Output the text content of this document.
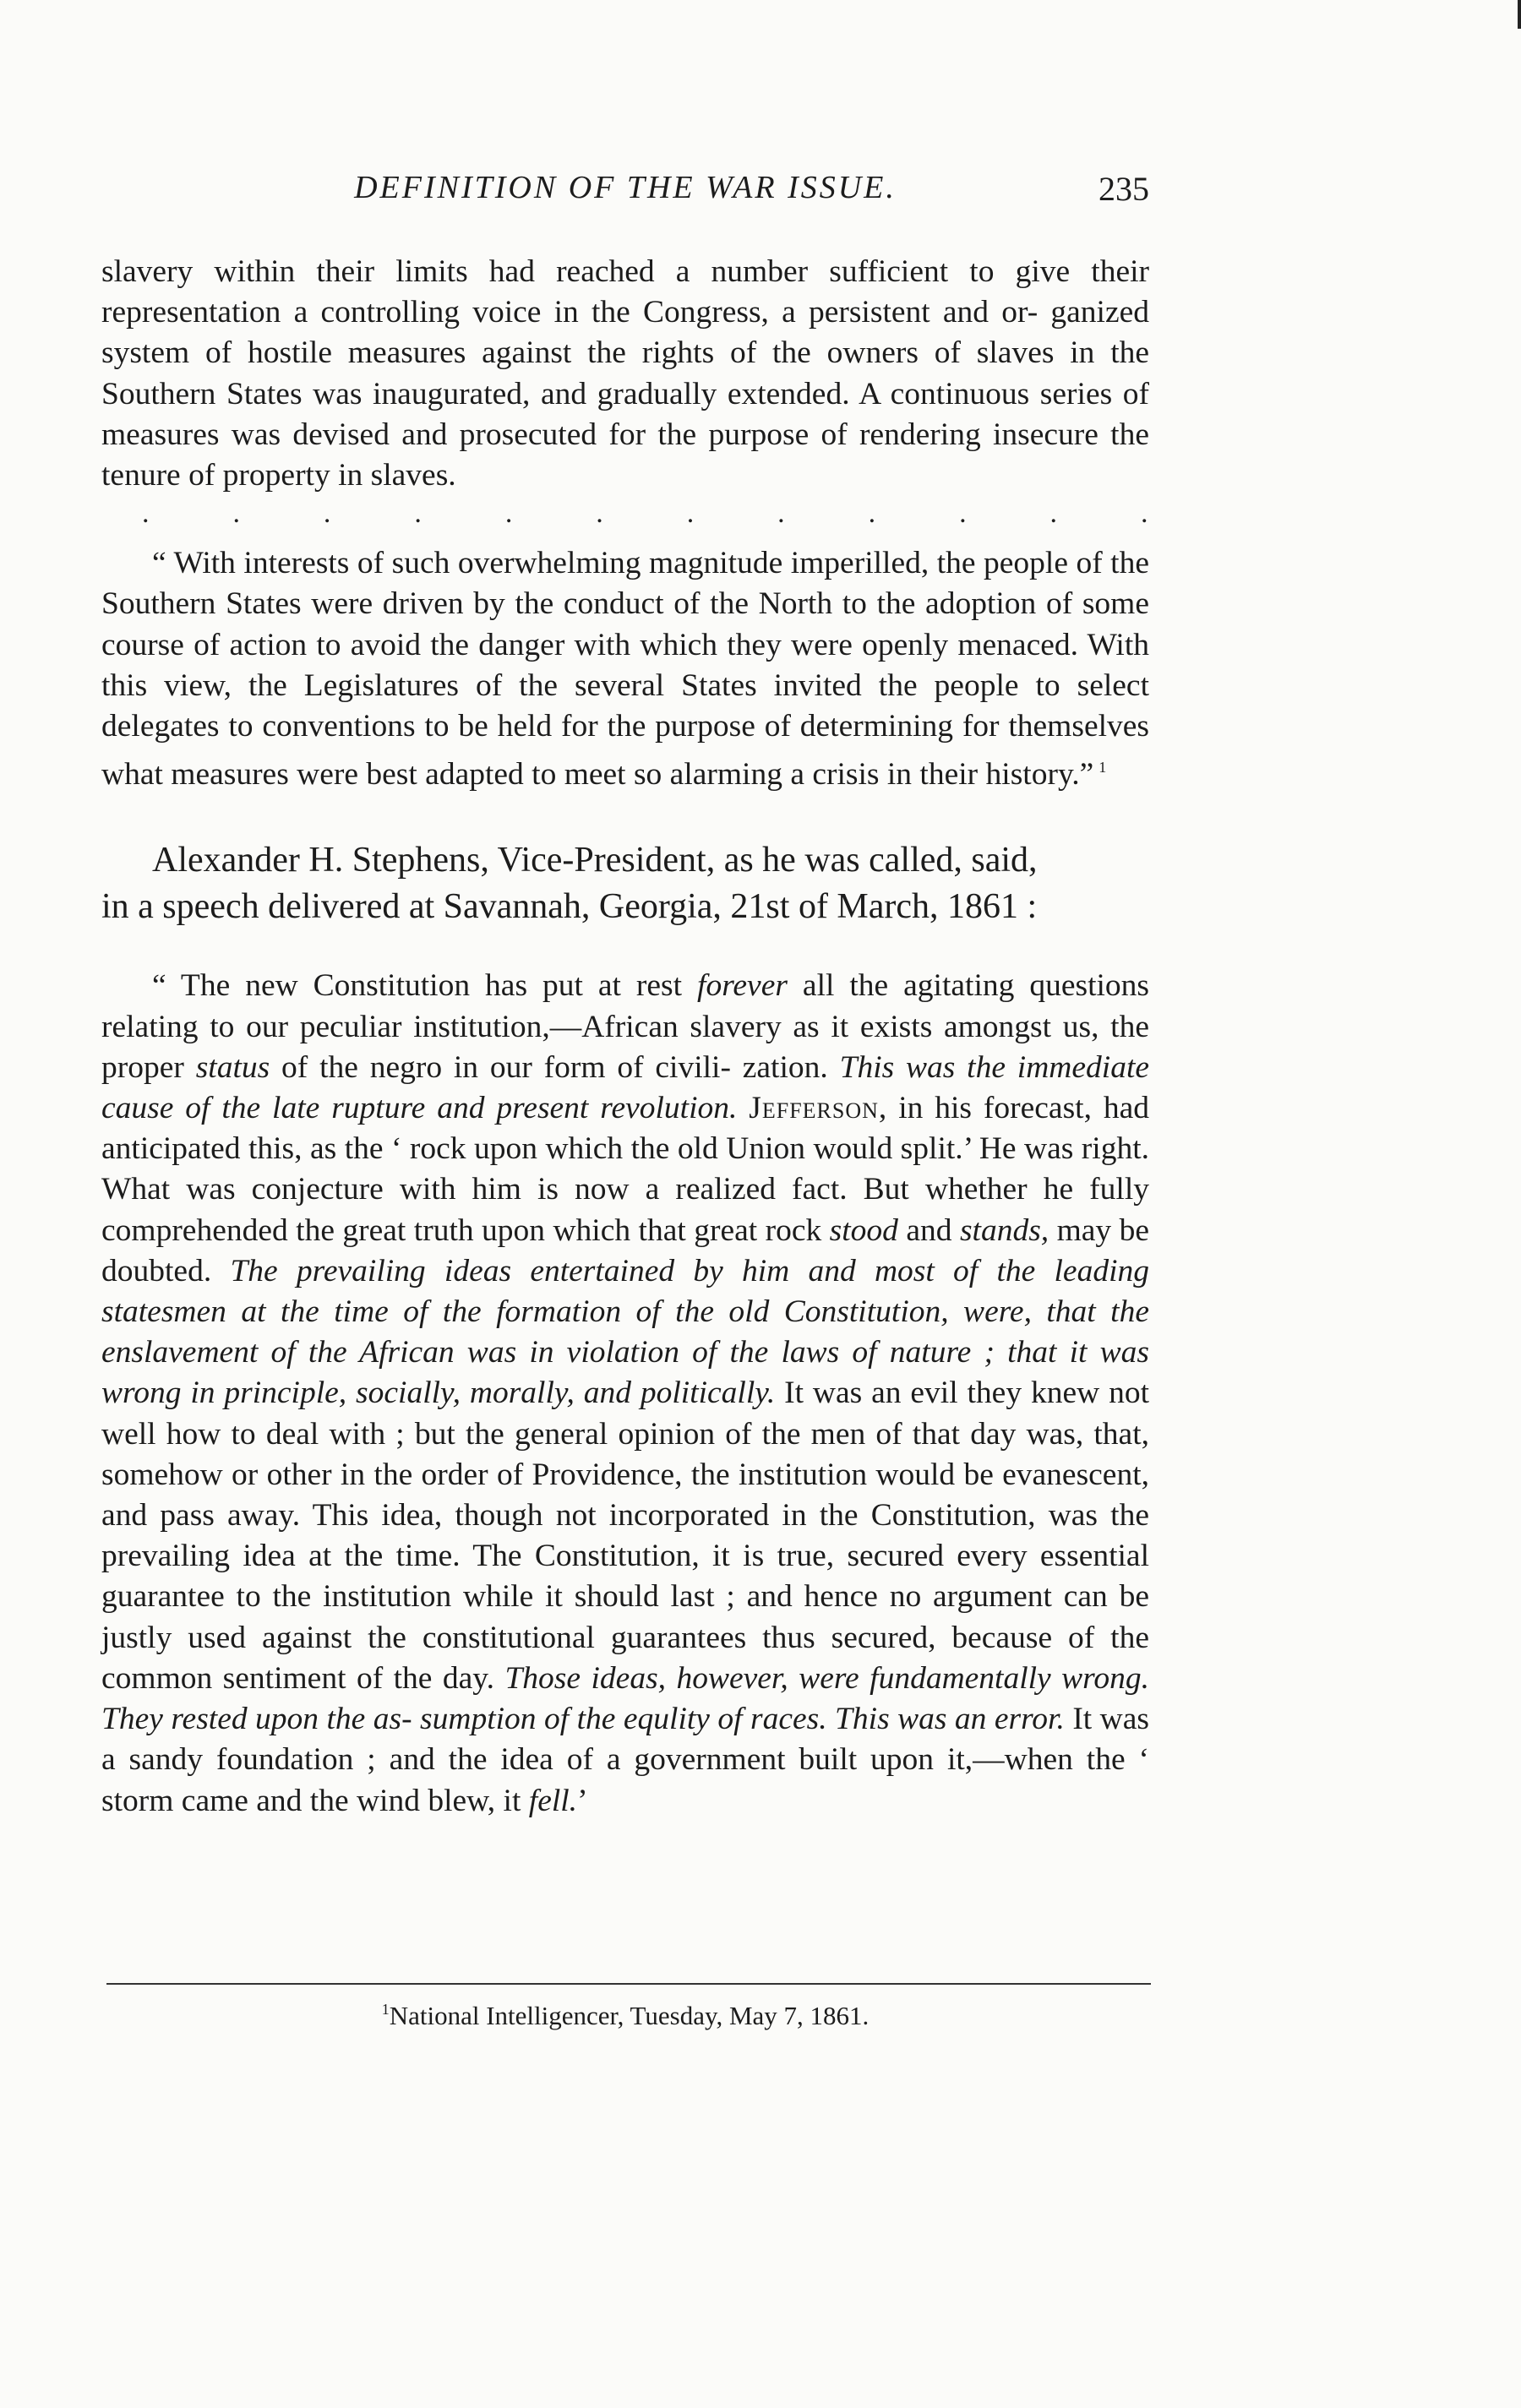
DEFINITION OF THE WAR ISSUE.	235
slavery within their limits had reached a number sufficient to give their representation a controlling voice in the Congress, a persistent and or- ganized system of hostile measures against the rights of the owners of slaves in the Southern States was inaugurated, and gradually extended. A continuous series of measures was devised and prosecuted for the purpose of rendering insecure the tenure of property in slaves.
.	.	.	.	.	.	.	.	.	.	.	.

“ With interests of such overwhelming magnitude imperilled, the people of the Southern States were driven by the conduct of the North to the adoption of some course of action to avoid the danger with which they were openly menaced. With this view, the Legislatures of the several States invited the people to select delegates to conventions to be held for the purpose of determining for themselves what measures were best adapted to meet so alarming a crisis in their history.” $^1$

Alexander H. Stephens, Vice-President, as he was called, said,
in a speech delivered at Savannah, Georgia, 21st of March, 1861 :

“ The new Constitution has put at rest forever all the agitating questions relating to our peculiar institution,—African slavery as it exists amongst us, the proper status of the negro in our form of civili- zation. This was the immediate cause of the late rupture and present revolution. Jefferson, in his forecast, had anticipated this, as the ‘ rock upon which the old Union would split.’ He was right. What was conjecture with him is now a realized fact. But whether he fully comprehended the great truth upon which that great rock stood and stands, may be doubted. The prevailing ideas entertained by him and most of the leading statesmen at the time of the formation of the old Constitution, were, that the enslavement of the African was in violation of the laws of nature ; that it was wrong in principle, socially, morally, and politically. It was an evil they knew not well how to deal with ; but the general opinion of the men of that day was, that, somehow or other in the order of Providence, the institution would be evanescent, and pass away. This idea, though not incorporated in the Constitution, was the prevailing idea at the time. The Constitution, it is true, secured every essential guarantee to the institution while it should last ; and hence no argument can be justly used against the constitutional guarantees thus secured, because of the common sentiment of the day. Those ideas, however, were fundamentally wrong. They rested upon the as- sumption of the equlity of races. This was an error. It was a sandy foundation ; and the idea of a government built upon it,—when the ‘ storm came and the wind blew, it fell.’

$^1$National Intelligencer, Tuesday, May 7, 1861.
